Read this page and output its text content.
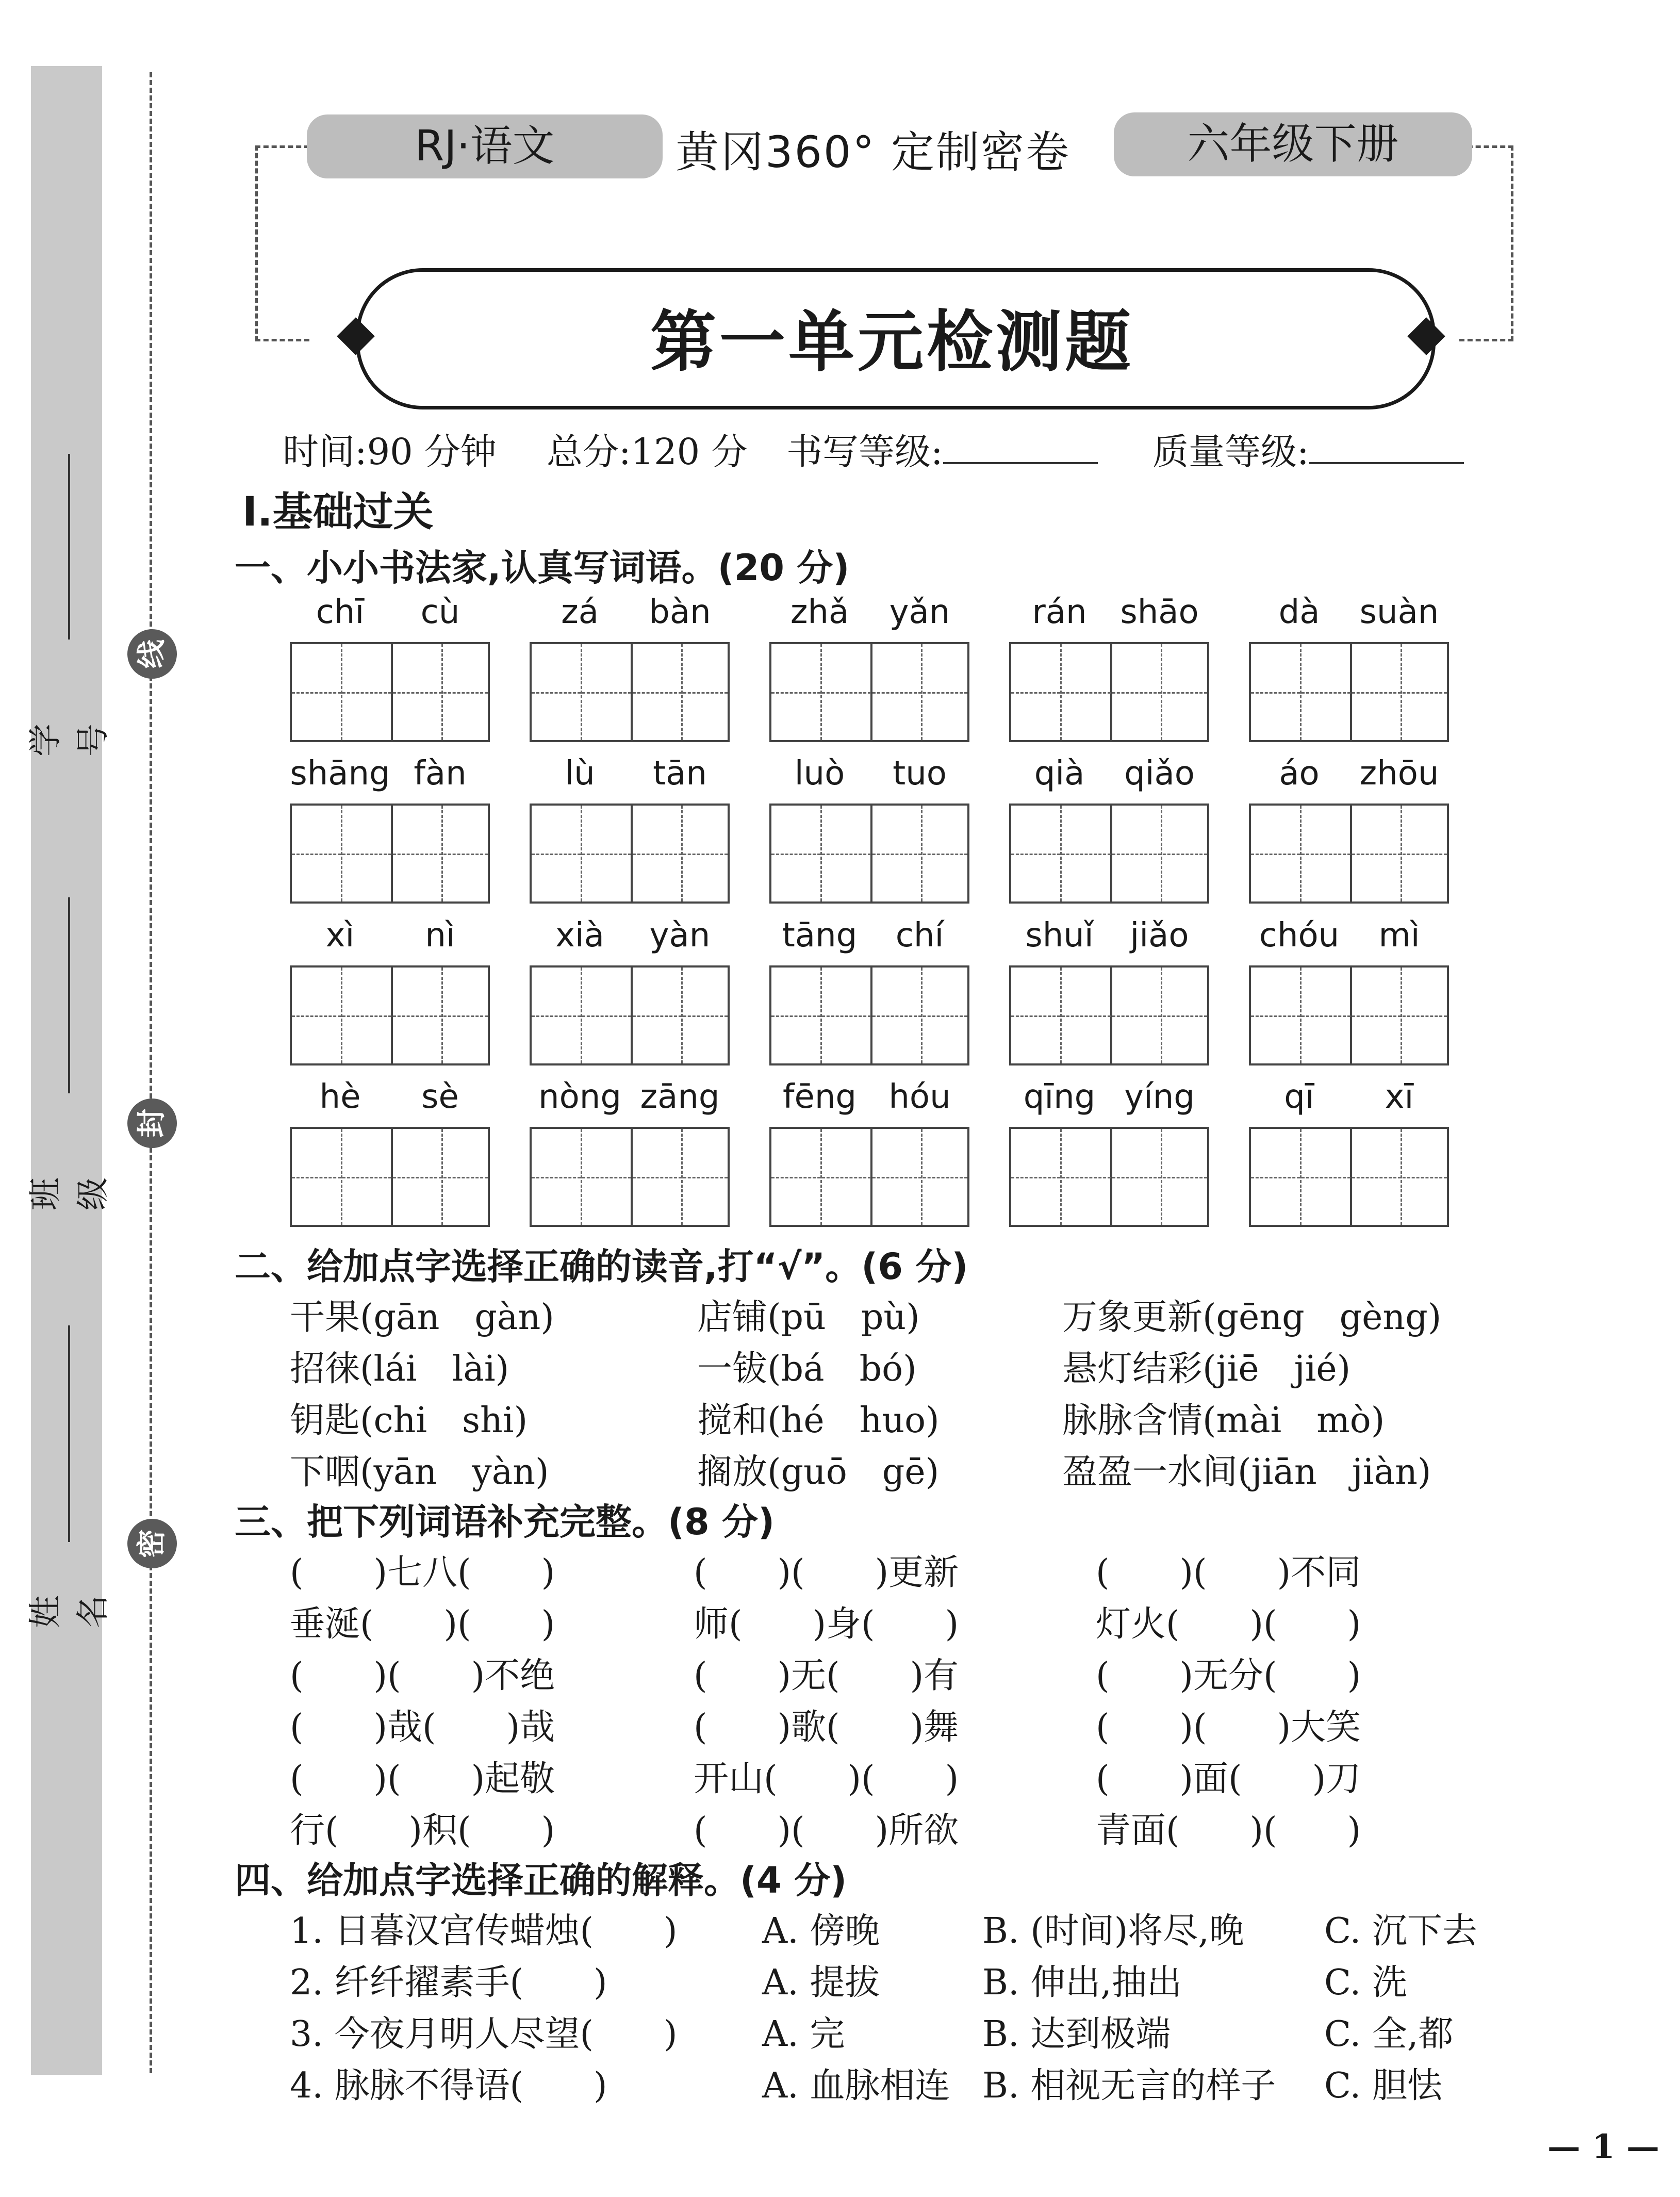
线
封
密
学号
班级
姓名
RJ·语文	黄冈360° 定制密卷	六年级下册
第一单元检测题
时间:90 分钟 总分:120 分 书写等级:	质量等级:
Ⅰ.基础过关
一、小小书法家,认真写词语。(20 分)
chī	cù	zá	bàn	zhǎ	yǎn	rán	shāo	dà	suàn
shāng fàn	lù	tān	luò	tuo	qià	qiǎo	áo	zhōu
xì	nì	xià	yàn	tāng	chí	shuǐ	jiǎo	chóu	mì
hè	sè	nòng zāng	fēng hóu	qīng yíng	qī	xī
二、给加点字选择正确的读音,打“√”。(6 分)
干果(gān　gàn)	店铺(pū　pù)	万象更新(gēng　gèng)
招徕(lái　lài)	一钹(bá　bó)	悬灯结彩(jiē　jié)
钥匙(chi　shi)	搅和(hé　huo)	脉脉含情(mài　mò)
下咽(yān　yàn)	搁放(guō　gē)	盈盈一水间(jiān　jiàn)
三、把下列词语补充完整。(8 分)
(　　)七八(　　)	(　　)(　　)更新	(　　)(　　)不同
垂涎(　　)(　　)	师(　　)身(　　)	灯火(　　)(　　)
(　　)(　　)不绝	(　　)无(　　)有	(　　)无分(　　)
(　　)哉(　　)哉	(　　)歌(　　)舞	(　　)(　　)大笑
(　　)(　　)起敬	开山(　　)(　　)	(　　)面(　　)刀
行(　　)积(　　)	(　　)(　　)所欲	青面(　　)(　　)
四、给加点字选择正确的解释。(4 分)
1. 日暮汉宫传蜡烛(　　) A. 傍晚	B. (时间)将尽,晚 C. 沉下去
2. 纤纤擢素手(　　)	A. 提拔	B. 伸出,抽出	C. 洗
3. 今夜月明人尽望(　　) A. 完	B. 达到极端	C. 全,都
4. 脉脉不得语(　　)	A. 血脉相连 B. 相视无言的样子 C. 胆怯
— 1 —
